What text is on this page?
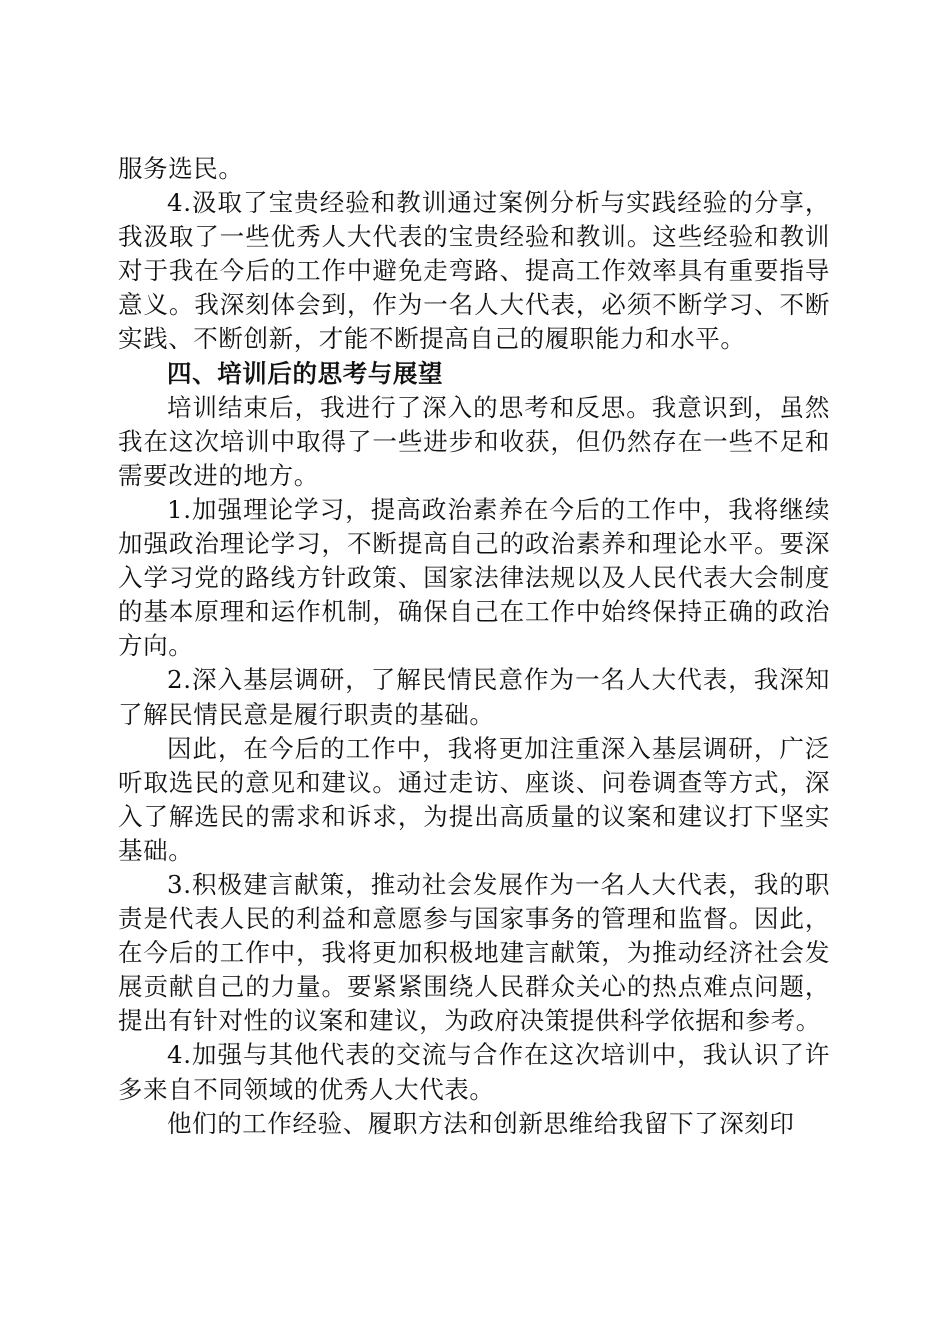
服务选民。

4.汲取了宝贵经验和教训通过案例分析与实践经验的分享，我汲取了一些优秀人大代表的宝贵经验和教训。这些经验和教训对于我在今后的工作中避免走弯路、提高工作效率具有重要指导意义。我深刻体会到，作为一名人大代表，必须不断学习、不断实践、不断创新，才能不断提高自己的履职能力和水平。

四、培训后的思考与展望

培训结束后，我进行了深入的思考和反思。我意识到，虽然我在这次培训中取得了一些进步和收获，但仍然存在一些不足和需要改进的地方。

1.加强理论学习，提高政治素养在今后的工作中，我将继续加强政治理论学习，不断提高自己的政治素养和理论水平。要深入学习党的路线方针政策、国家法律法规以及人民代表大会制度的基本原理和运作机制，确保自己在工作中始终保持正确的政治方向。

2.深入基层调研，了解民情民意作为一名人大代表，我深知了解民情民意是履行职责的基础。

因此，在今后的工作中，我将更加注重深入基层调研，广泛听取选民的意见和建议。通过走访、座谈、问卷调查等方式，深入了解选民的需求和诉求，为提出高质量的议案和建议打下坚实基础。

3.积极建言献策，推动社会发展作为一名人大代表，我的职责是代表人民的利益和意愿参与国家事务的管理和监督。因此，在今后的工作中，我将更加积极地建言献策，为推动经济社会发展贡献自己的力量。要紧紧围绕人民群众关心的热点难点问题，提出有针对性的议案和建议，为政府决策提供科学依据和参考。

4.加强与其他代表的交流与合作在这次培训中，我认识了许多来自不同领域的优秀人大代表。

他们的工作经验、履职方法和创新思维给我留下了深刻印
